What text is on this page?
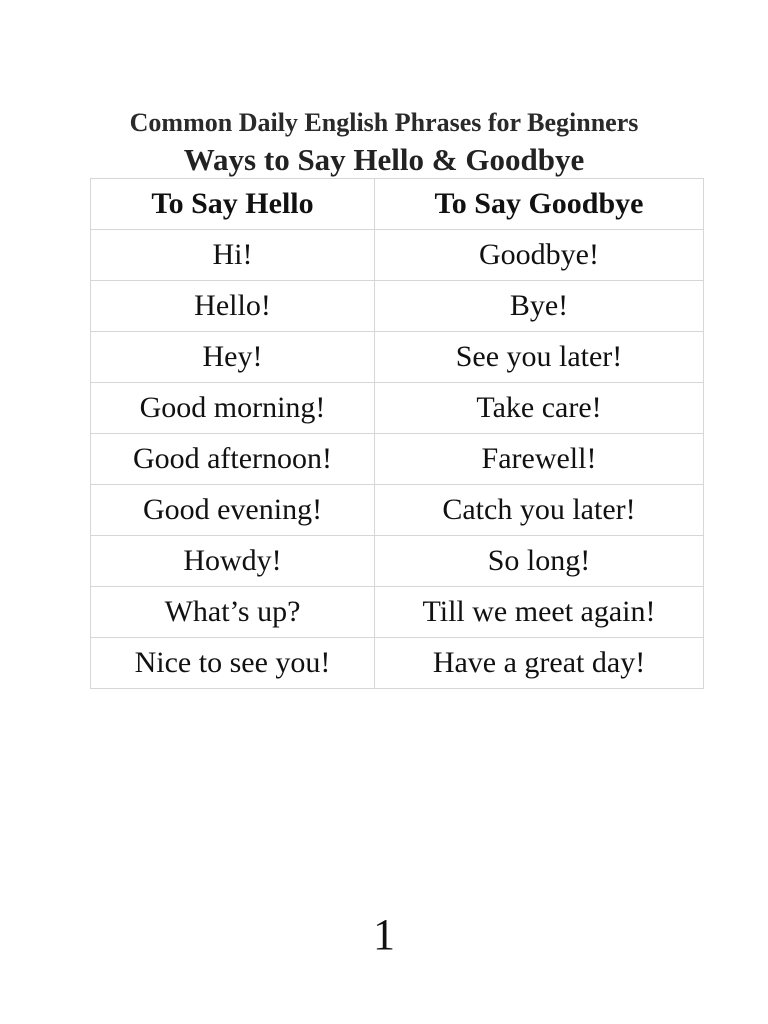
Common Daily English Phrases for Beginners
Ways to Say Hello & Goodbye
To Say Hello	To Say Goodbye
Hi!	Goodbye!
Hello!	Bye!
Hey!	See you later!
Good morning!	Take care!
Good afternoon!	Farewell!
Good evening!	Catch you later!
Howdy!	So long!
What’s up?	Till we meet again!
Nice to see you!	Have a great day!
1
